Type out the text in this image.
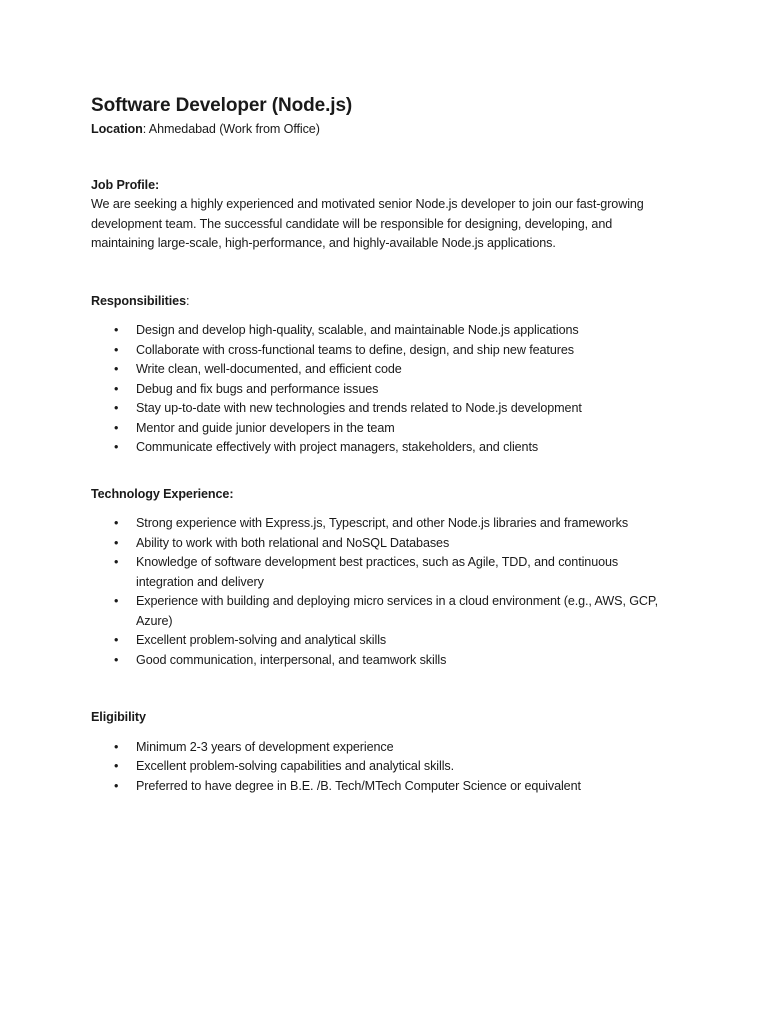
Software Developer (Node.js)

Location: Ahmedabad (Work from Office)

Job Profile:

We are seeking a highly experienced and motivated senior Node.js developer to join our fast-growing

development team. The successful candidate will be responsible for designing, developing, and

maintaining large-scale, high-performance, and highly-available Node.js applications.

Responsibilities:

• Design and develop high-quality, scalable, and maintainable Node.js applications
• Collaborate with cross-functional teams to define, design, and ship new features
• Write clean, well-documented, and efficient code
• Debug and fix bugs and performance issues
• Stay up-to-date with new technologies and trends related to Node.js development
• Mentor and guide junior developers in the team
• Communicate effectively with project managers, stakeholders, and clients

Technology Experience:

• Strong experience with Express.js, Typescript, and other Node.js libraries and frameworks
• Ability to work with both relational and NoSQL Databases
• Knowledge of software development best practices, such as Agile, TDD, and continuous
integration and delivery
• Experience with building and deploying micro services in a cloud environment (e.g., AWS, GCP,
Azure)
• Excellent problem-solving and analytical skills
• Good communication, interpersonal, and teamwork skills

Eligibility

• Minimum 2-3 years of development experience
• Excellent problem-solving capabilities and analytical skills.
• Preferred to have degree in B.E. /B. Tech/MTech Computer Science or equivalent
